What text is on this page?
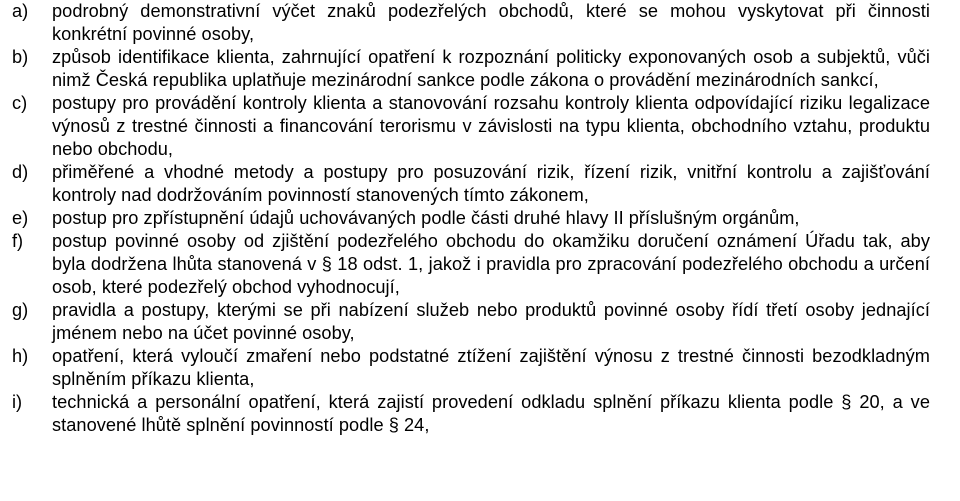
a) podrobný demonstrativní výčet znaků podezřelých obchodů, které se mohou vyskytovat při činnosti konkrétní povinné osoby,
b) způsob identifikace klienta, zahrnující opatření k rozpoznání politicky exponovaných osob a subjektů, vůči nimž Česká republika uplatňuje mezinárodní sankce podle zákona o provádění mezinárodních sankcí,
c) postupy pro provádění kontroly klienta a stanovování rozsahu kontroly klienta odpovídající riziku legalizace výnosů z trestné činnosti a financování terorismu v závislosti na typu klienta, obchodního vztahu, produktu nebo obchodu,
d) přiměřené a vhodné metody a postupy pro posuzování rizik, řízení rizik, vnitřní kontrolu a zajišťování kontroly nad dodržováním povinností stanovených tímto zákonem,
e) postup pro zpřístupnění údajů uchovávaných podle části druhé hlavy II příslušným orgánům,
f) postup povinné osoby od zjištění podezřelého obchodu do okamžiku doručení oznámení Úřadu tak, aby byla dodržena lhůta stanovená v § 18 odst. 1, jakož i pravidla pro zpracování podezřelého obchodu a určení osob, které podezřelý obchod vyhodnocují,
g) pravidla a postupy, kterými se při nabízení služeb nebo produktů povinné osoby řídí třetí osoby jednající jménem nebo na účet povinné osoby,
h) opatření, která vyloučí zmaření nebo podstatné ztížení zajištění výnosu z trestné činnosti bezodkladným splněním příkazu klienta,
i) technická a personální opatření, která zajistí provedení odkladu splnění příkazu klienta podle § 20, a ve stanovené lhůtě splnění povinností podle § 24,
